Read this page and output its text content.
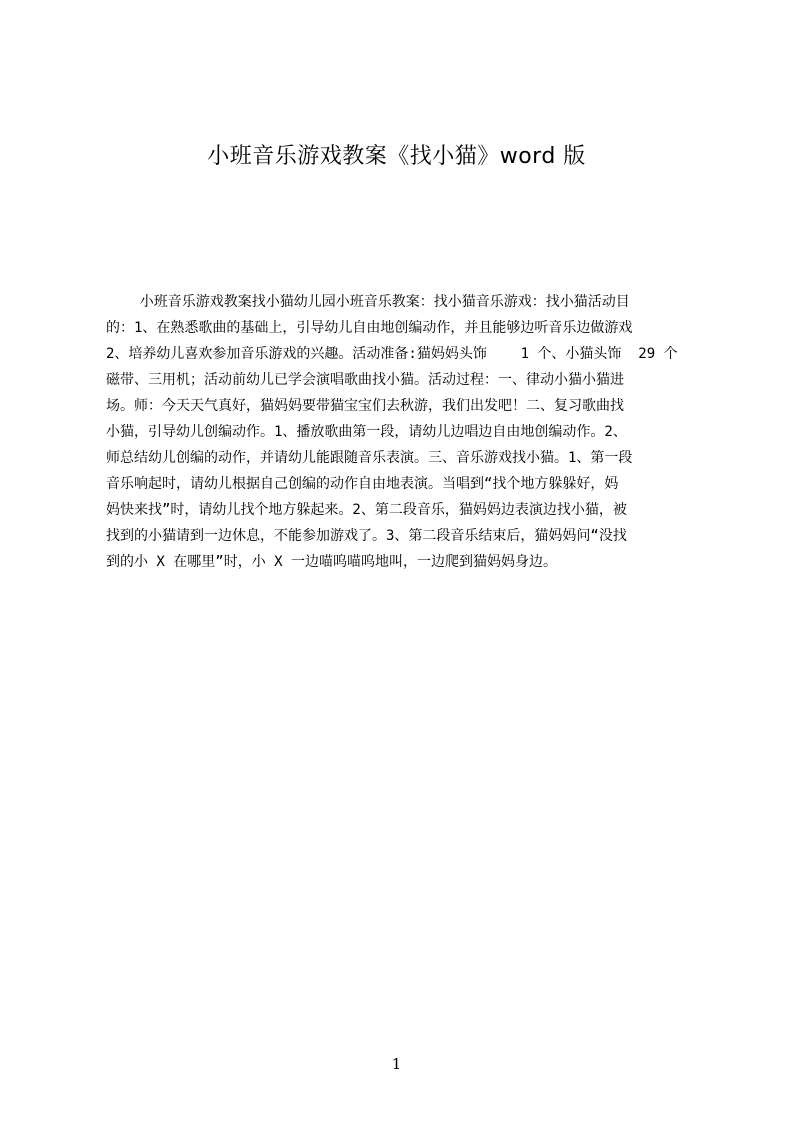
小班音乐游戏教案《找小猫》word 版
小班音乐游戏教案找小猫幼儿园小班音乐教案：找小猫音乐游戏：找小猫活动目
的：1、在熟悉歌曲的基础上，引导幼儿自由地创编动作，并且能够边听音乐边做游戏
2、培养幼儿喜欢参加音乐游戏的兴趣。活动准备:猫妈妈头饰    1 个、小猫头饰  29 个
磁带、三用机；活动前幼儿已学会演唱歌曲找小猫。活动过程：一、律动小猫小猫进
场。师：今天天气真好，猫妈妈要带猫宝宝们去秋游，我们出发吧！二、复习歌曲找
小猫，引导幼儿创编动作。1、播放歌曲第一段，请幼儿边唱边自由地创编动作。2、
师总结幼儿创编的动作，并请幼儿能跟随音乐表演。三、音乐游戏找小猫。1、第一段
音乐响起时，请幼儿根据自己创编的动作自由地表演。当唱到“找个地方躲躲好，妈
妈快来找”时，请幼儿找个地方躲起来。2、第二段音乐，猫妈妈边表演边找小猫，被
找到的小猫请到一边休息，不能参加游戏了。3、第二段音乐结束后，猫妈妈问“没找
到的小 X 在哪里”时，小 X 一边喵呜喵呜地叫，一边爬到猫妈妈身边。
1
